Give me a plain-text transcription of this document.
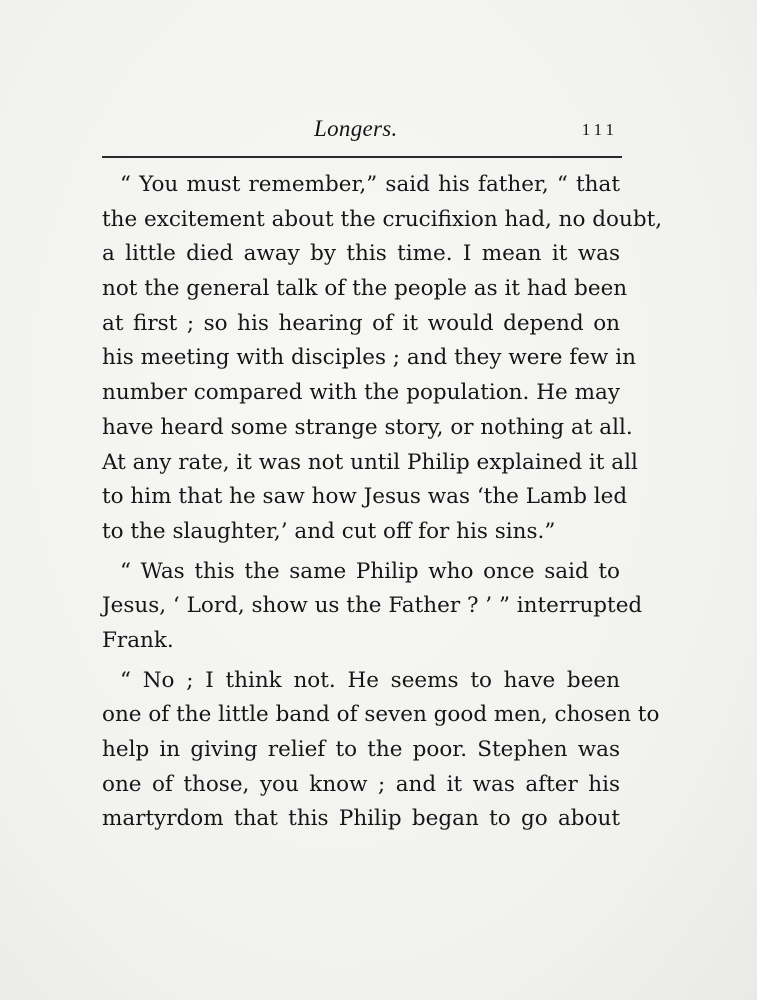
Longers.	111
“ You must remember,” said his father, “ that
the excitement about the crucifixion had, no doubt,
a little died away by this time. I mean it was
not the general talk of the people as it had been
at first ; so his hearing of it would depend on
his meeting with disciples ; and they were few in
number compared with the population. He may
have heard some strange story, or nothing at all.
At any rate, it was not until Philip explained it all
to him that he saw how Jesus was ‘the Lamb led
to the slaughter,’ and cut off for his sins.”
“ Was this the same Philip who once said to
Jesus, ‘ Lord, show us the Father ? ’ ” interrupted
Frank.
“ No ; I think not. He seems to have been
one of the little band of seven good men, chosen to
help in giving relief to the poor. Stephen was
one of those, you know ; and it was after his
martyrdom that this Philip began to go about
